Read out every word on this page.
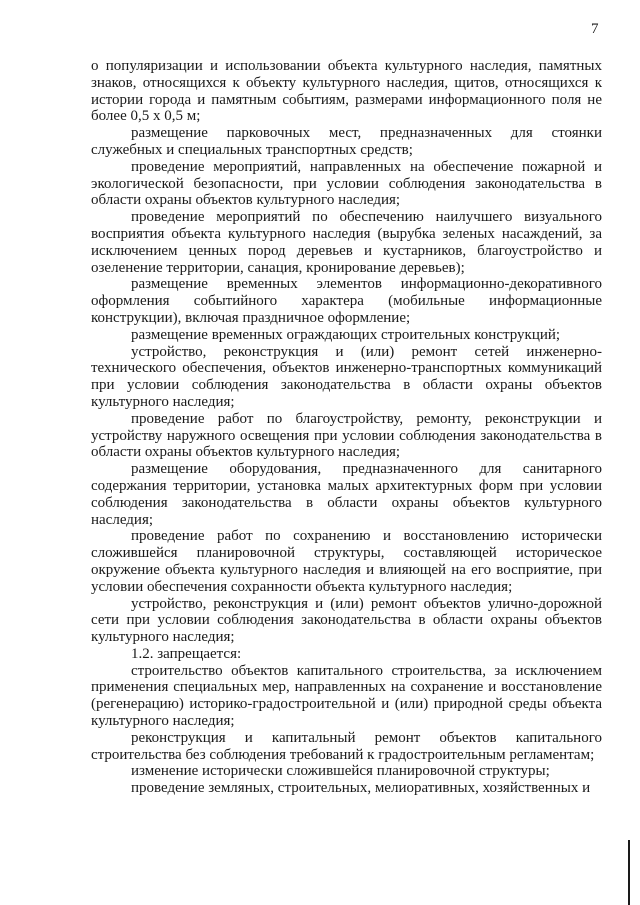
7

о популяризации и использовании объекта культурного наследия, памятных знаков, относящихся к объекту культурного наследия, щитов, относящихся к истории города и памятным событиям, размерами информационного поля не более 0,5 х 0,5 м;

размещение парковочных мест, предназначенных для стоянки служебных и специальных транспортных средств;

проведение мероприятий, направленных на обеспечение пожарной и экологической безопасности, при условии соблюдения законодательства в области охраны объектов культурного наследия;

проведение мероприятий по обеспечению наилучшего визуального восприятия объекта культурного наследия (вырубка зеленых насаждений, за исключением ценных пород деревьев и кустарников, благоустройство и озеленение территории, санация, кронирование деревьев);

размещение временных элементов информационно-декоративного оформления событийного характера (мобильные информационные конструкции), включая праздничное оформление;

размещение временных ограждающих строительных конструкций;

устройство, реконструкция и (или) ремонт сетей инженерно-технического обеспечения, объектов инженерно-транспортных коммуникаций при условии соблюдения законодательства в области охраны объектов культурного наследия;

проведение работ по благоустройству, ремонту, реконструкции и устройству наружного освещения при условии соблюдения законодательства в области охраны объектов культурного наследия;

размещение оборудования, предназначенного для санитарного содержания территории, установка малых архитектурных форм при условии соблюдения законодательства в области охраны объектов культурного наследия;

проведение работ по сохранению и восстановлению исторически сложившейся планировочной структуры, составляющей историческое окружение объекта культурного наследия и влияющей на его восприятие, при условии обеспечения сохранности объекта культурного наследия;

устройство, реконструкция и (или) ремонт объектов улично-дорожной сети при условии соблюдения законодательства в области охраны объектов культурного наследия;

1.2. запрещается:

строительство объектов капитального строительства, за исключением применения специальных мер, направленных на сохранение и восстановление (регенерацию) историко-градостроительной и (или) природной среды объекта культурного наследия;

реконструкция и капитальный ремонт объектов капитального строительства без соблюдения требований к градостроительным регламентам;

изменение исторически сложившейся планировочной структуры;

проведение земляных, строительных, мелиоративных, хозяйственных и
